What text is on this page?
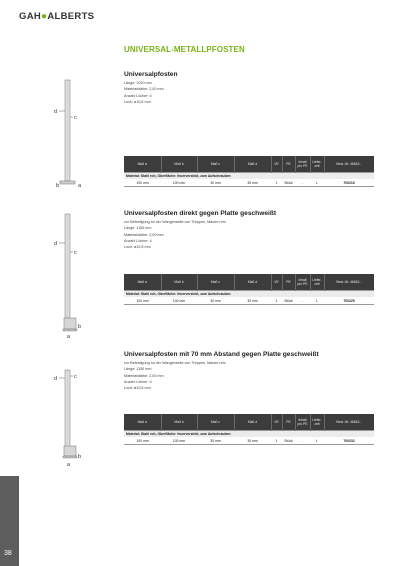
GAH●ALBERTS
UNIVERSAL-METALLPFOSTEN
d
c
b	a
Universalpfosten
Länge: 1020 mm
Materialstärke: 2,00 mm
Anzahl Löcher: 4
Loch: ø10,5 mm
Maß a	Maß b	Maß c	Maß d	VE	PE	Inhalt pro PE	Liefer-zeit	Best.-Nr. 46643...
Material: Stahl roh, Oberfläche: feuerverzinkt, zum Aufschrauben								
100 mm	100 mm	30 mm	30 mm	1	Stück	-	L	700218
d
c
b
a
Universalpfosten direkt gegen Platte geschweißt
zur Befestigung an der Wangenseite von Treppen, Mauern etc.
Länge: 1150 mm
Materialstärke: 2,00 mm
Anzahl Löcher: 4
Loch: ø10,5 mm
Maß a	Maß b	Maß c	Maß d	VE	PE	Inhalt pro PE	Liefer-zeit	Best.-Nr. 46643...
Material: Stahl roh, Oberfläche: feuerverzinkt, zum Aufschrauben								
100 mm	100 mm	30 mm	30 mm	1	Stück	-	L	700225
d	c
b
a
Universalpfosten mit 70 mm Abstand gegen Platte geschweißt
zur Befestigung an der Wangenseite von Treppen, Mauern etc.
Länge: 1150 mm
Materialstärke: 2,00 mm
Anzahl Löcher: 4
Loch: ø10,5 mm
Maß a	Maß b	Maß c	Maß d	VE	PE	Inhalt pro PE	Liefer-zeit	Best.-Nr. 46643...
Material: Stahl roh, Oberfläche: feuerverzinkt, zum Aufschrauben								
100 mm	100 mm	30 mm	30 mm	1	Stück	-	L	700232
38
